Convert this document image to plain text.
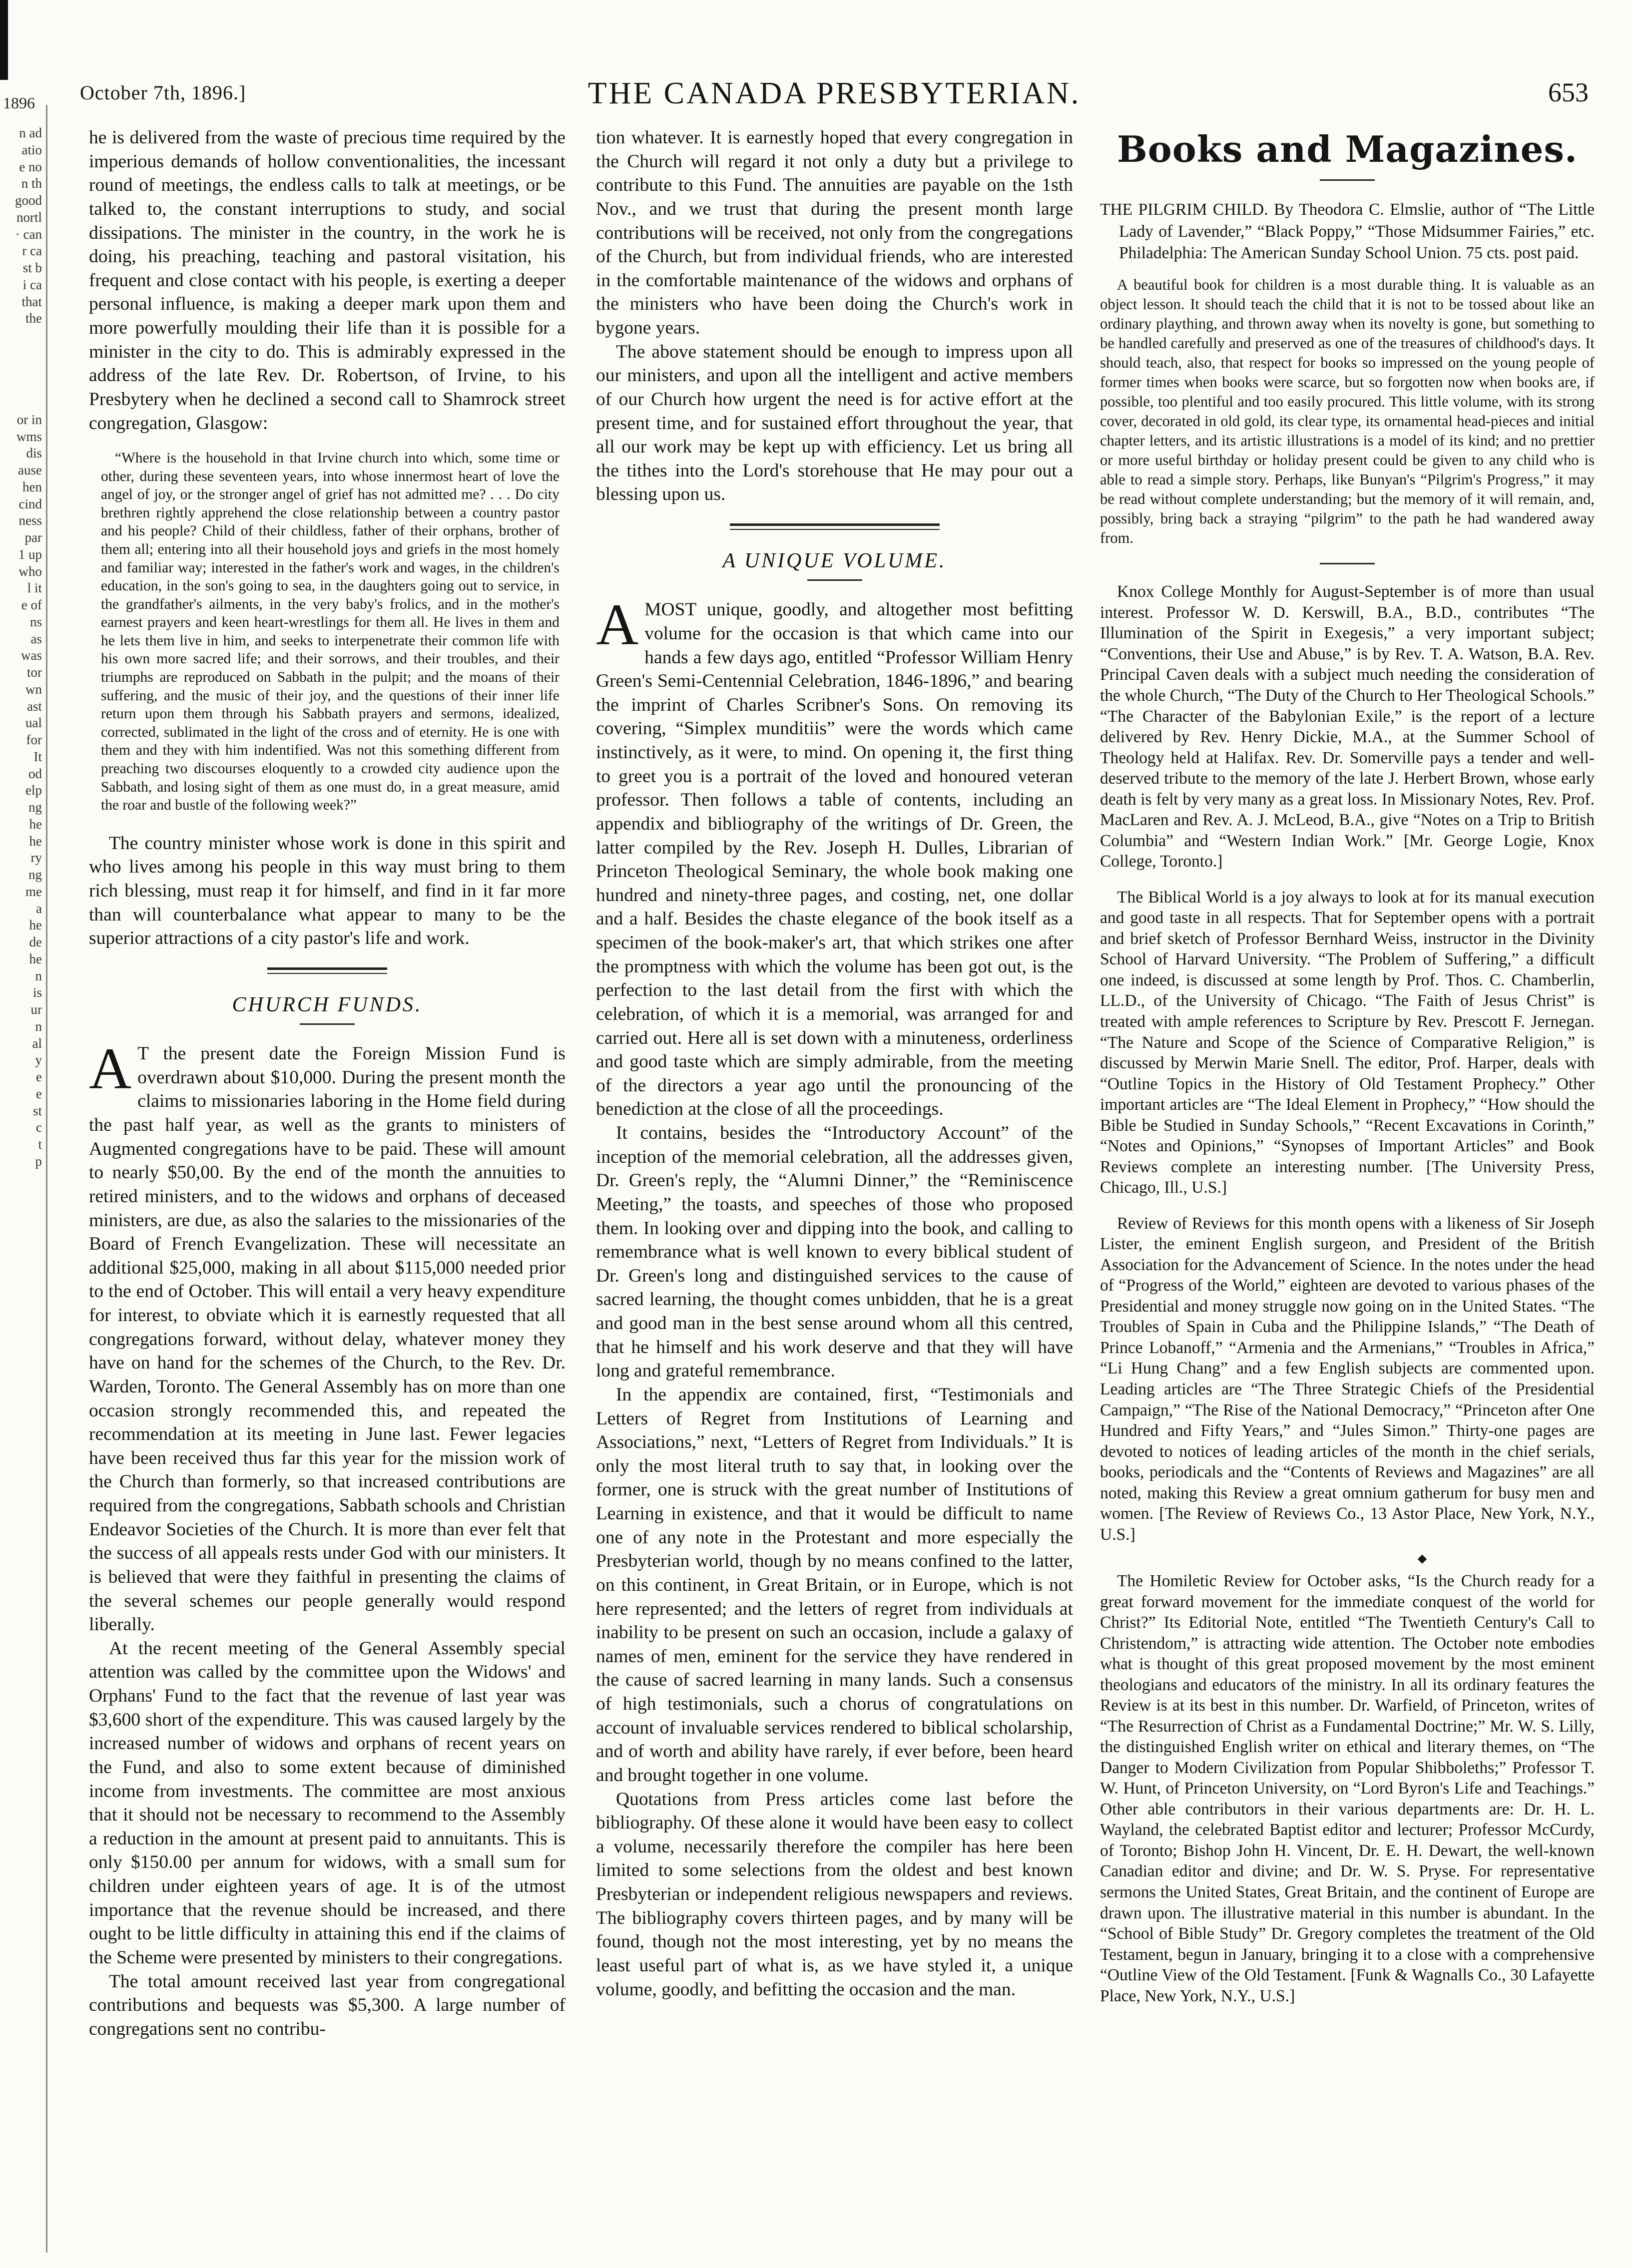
1896
n ad
atio
e no
n th
good
nortl
· can
r ca
st b
i ca
that
the

or in
wms
dis
ause
hen
cind
ness
par
1 up
who
l it
e of
ns
as
was
tor
wn
ast
ual
for
It
od
elp
ng
he
he
ry
ng
me
a
he
de
he
n
is
ur
n
al
y
e
e
st
c
t
p
THE CANADA PRESBYTERIAN.
October 7th, 1896.]	653

he is delivered from the waste of precious time required by the imperious demands of hollow conventionalities, the incessant round of meetings, the endless calls to talk at meetings, or be talked to, the constant interruptions to study, and social dissipations. The minister in the country, in the work he is doing, his preaching, teaching and pastoral visitation, his frequent and close contact with his people, is exerting a deeper personal influence, is making a deeper mark upon them and more powerfully moulding their life than it is possible for a minister in the city to do. This is admirably expressed in the address of the late Rev. Dr. Robertson, of Irvine, to his Presbytery when he declined a second call to Shamrock street congregation, Glasgow:

“Where is the household in that Irvine church into which, some time or other, during these seventeen years, into whose innermost heart of love the angel of joy, or the stronger angel of grief has not admitted me? . . . Do city brethren rightly apprehend the close relationship between a country pastor and his people? Child of their childless, father of their orphans, brother of them all; entering into all their household joys and griefs in the most homely and familiar way; interested in the father's work and wages, in the children's education, in the son's going to sea, in the daughters going out to service, in the grandfather's ailments, in the very baby's frolics, and in the mother's earnest prayers and keen heart-wrestlings for them all. He lives in them and he lets them live in him, and seeks to interpenetrate their common life with his own more sacred life; and their sorrows, and their troubles, and their triumphs are reproduced on Sabbath in the pulpit; and the moans of their suffering, and the music of their joy, and the questions of their inner life return upon them through his Sabbath prayers and sermons, idealized, corrected, sublimated in the light of the cross and of eternity. He is one with them and they with him indentified. Was not this something different from preaching two discourses eloquently to a crowded city audience upon the Sabbath, and losing sight of them as one must do, in a great measure, amid the roar and bustle of the following week?”

The country minister whose work is done in this spirit and who lives among his people in this way must bring to them rich blessing, must reap it for himself, and find in it far more than will counterbalance what appear to many to be the superior attractions of a city pastor's life and work.

CHURCH FUNDS.

A T the present date the Foreign Mission Fund is overdrawn about $10,000. During the present month the claims to missionaries laboring in the Home field during the past half year, as well as the grants to ministers of Augmented congregations have to be paid. These will amount to nearly $50,00. By the end of the month the annuities to retired ministers, and to the widows and orphans of deceased ministers, are due, as also the salaries to the missionaries of the Board of French Evangelization. These will necessitate an additional $25,000, making in all about $115,000 needed prior to the end of October. This will entail a very heavy expenditure for interest, to obviate which it is earnestly requested that all congregations forward, without delay, whatever money they have on hand for the schemes of the Church, to the Rev. Dr. Warden, Toronto. The General Assembly has on more than one occasion strongly recommended this, and repeated the recommendation at its meeting in June last. Fewer legacies have been received thus far this year for the mission work of the Church than formerly, so that increased contributions are required from the congregations, Sabbath schools and Christian Endeavor Societies of the Church. It is more than ever felt that the success of all appeals rests under God with our ministers. It is believed that were they faithful in presenting the claims of the several schemes our people generally would respond liberally.

At the recent meeting of the General Assembly special attention was called by the committee upon the Widows' and Orphans' Fund to the fact that the revenue of last year was $3,600 short of the expenditure. This was caused largely by the increased number of widows and orphans of recent years on the Fund, and also to some extent because of diminished income from investments. The committee are most anxious that it should not be necessary to recommend to the Assembly a reduction in the amount at present paid to annuitants. This is only $150.00 per annum for widows, with a small sum for children under eighteen years of age. It is of the utmost importance that the revenue should be increased, and there ought to be little difficulty in attaining this end if the claims of the Scheme were presented by ministers to their congregations.

The total amount received last year from congregational contributions and bequests was $5,300. A large number of congregations sent no contribu-

tion whatever. It is earnestly hoped that every congregation in the Church will regard it not only a duty but a privilege to contribute to this Fund. The annuities are payable on the 1sth Nov., and we trust that during the present month large contributions will be received, not only from the congregations of the Church, but from individual friends, who are interested in the comfortable maintenance of the widows and orphans of the ministers who have been doing the Church's work in bygone years.

The above statement should be enough to impress upon all our ministers, and upon all the intelligent and active members of our Church how urgent the need is for active effort at the present time, and for sustained effort throughout the year, that all our work may be kept up with efficiency. Let us bring all the tithes into the Lord's storehouse that He may pour out a blessing upon us.

A UNIQUE VOLUME.

AMOST unique, goodly, and altogether most befitting volume for the occasion is that which came into our hands a few days ago, entitled “Professor William Henry Green's Semi-Centennial Celebration, 1846-1896,” and bearing the imprint of Charles Scribner's Sons. On removing its covering, “Simplex munditiis” were the words which came instinctively, as it were, to mind. On opening it, the first thing to greet you is a portrait of the loved and honoured veteran professor. Then follows a table of contents, including an appendix and bibliography of the writings of Dr. Green, the latter compiled by the Rev. Joseph H. Dulles, Librarian of Princeton Theological Seminary, the whole book making one hundred and ninety-three pages, and costing, net, one dollar and a half. Besides the chaste elegance of the book itself as a specimen of the book-maker's art, that which strikes one after the promptness with which the volume has been got out, is the perfection to the last detail from the first with which the celebration, of which it is a memorial, was arranged for and carried out. Here all is set down with a minuteness, orderliness and good taste which are simply admirable, from the meeting of the directors a year ago until the pronouncing of the benediction at the close of all the proceedings.

It contains, besides the “Introductory Account” of the inception of the memorial celebration, all the addresses given, Dr. Green's reply, the “Alumni Dinner,” the “Reminiscence Meeting,” the toasts, and speeches of those who proposed them. In looking over and dipping into the book, and calling to remembrance what is well known to every biblical student of Dr. Green's long and distinguished services to the cause of sacred learning, the thought comes unbidden, that he is a great and good man in the best sense around whom all this centred, that he himself and his work deserve and that they will have long and grateful remembrance.

In the appendix are contained, first, “Testimonials and Letters of Regret from Institutions of Learning and Associations,” next, “Letters of Regret from Individuals.” It is only the most literal truth to say that, in looking over the former, one is struck with the great number of Institutions of Learning in existence, and that it would be difficult to name one of any note in the Protestant and more especially the Presbyterian world, though by no means confined to the latter, on this continent, in Great Britain, or in Europe, which is not here represented; and the letters of regret from individuals at inability to be present on such an occasion, include a galaxy of names of men, eminent for the service they have rendered in the cause of sacred learning in many lands. Such a consensus of high testimonials, such a chorus of congratulations on account of invaluable services rendered to biblical scholarship, and of worth and ability have rarely, if ever before, been heard and brought together in one volume.

Quotations from Press articles come last before the bibliography. Of these alone it would have been easy to collect a volume, necessarily therefore the compiler has here been limited to some selections from the oldest and best known Presbyterian or independent religious newspapers and reviews. The bibliography covers thirteen pages, and by many will be found, though not the most interesting, yet by no means the least useful part of what is, as we have styled it, a unique volume, goodly, and befitting the occasion and the man.

Books and Magazines.

THE PILGRIM CHILD. By Theodora C. Elmslie, author of “The Little Lady of Lavender,” “Black Poppy,” “Those Midsummer Fairies,” etc. Philadelphia: The American Sunday School Union. 75 cts. post paid.

A beautiful book for children is a most durable thing. It is valuable as an object lesson. It should teach the child that it is not to be tossed about like an ordinary plaything, and thrown away when its novelty is gone, but something to be handled carefully and preserved as one of the treasures of childhood's days. It should teach, also, that respect for books so impressed on the young people of former times when books were scarce, but so forgotten now when books are, if possible, too plentiful and too easily procured. This little volume, with its strong cover, decorated in old gold, its clear type, its ornamental head-pieces and initial chapter letters, and its artistic illustrations is a model of its kind; and no prettier or more useful birthday or holiday present could be given to any child who is able to read a simple story. Perhaps, like Bunyan's “Pilgrim's Progress,” it may be read without complete understanding; but the memory of it will remain, and, possibly, bring back a straying “pilgrim” to the path he had wandered away from.

Knox College Monthly for August-September is of more than usual interest. Professor W. D. Kerswill, B.A., B.D., contributes “The Illumination of the Spirit in Exegesis,” a very important subject; “Conventions, their Use and Abuse,” is by Rev. T. A. Watson, B.A. Rev. Principal Caven deals with a subject much needing the consideration of the whole Church, “The Duty of the Church to Her Theological Schools.” “The Character of the Babylonian Exile,” is the report of a lecture delivered by Rev. Henry Dickie, M.A., at the Summer School of Theology held at Halifax. Rev. Dr. Somerville pays a tender and well-deserved tribute to the memory of the late J. Herbert Brown, whose early death is felt by very many as a great loss. In Missionary Notes, Rev. Prof. MacLaren and Rev. A. J. McLeod, B.A., give “Notes on a Trip to British Columbia” and “Western Indian Work.” [Mr. George Logie, Knox College, Toronto.]

The Biblical World is a joy always to look at for its manual execution and good taste in all respects. That for September opens with a portrait and brief sketch of Professor Bernhard Weiss, instructor in the Divinity School of Harvard University. “The Problem of Suffering,” a difficult one indeed, is discussed at some length by Prof. Thos. C. Chamberlin, LL.D., of the University of Chicago. “The Faith of Jesus Christ” is treated with ample references to Scripture by Rev. Prescott F. Jernegan. “The Nature and Scope of the Science of Comparative Religion,” is discussed by Merwin Marie Snell. The editor, Prof. Harper, deals with “Outline Topics in the History of Old Testament Prophecy.” Other important articles are “The Ideal Element in Prophecy,” “How should the Bible be Studied in Sunday Schools,” “Recent Excavations in Corinth,” “Notes and Opinions,” “Synopses of Important Articles” and Book Reviews complete an interesting number. [The University Press, Chicago, Ill., U.S.]

Review of Reviews for this month opens with a likeness of Sir Joseph Lister, the eminent English surgeon, and President of the British Association for the Advancement of Science. In the notes under the head of “Progress of the World,” eighteen are devoted to various phases of the Presidential and money struggle now going on in the United States. “The Troubles of Spain in Cuba and the Philippine Islands,” “The Death of Prince Lobanoff,” “Armenia and the Armenians,” “Troubles in Africa,” “Li Hung Chang” and a few English subjects are commented upon. Leading articles are “The Three Strategic Chiefs of the Presidential Campaign,” “The Rise of the National Democracy,” “Princeton after One Hundred and Fifty Years,” and “Jules Simon.” Thirty-one pages are devoted to notices of leading articles of the month in the chief serials, books, periodicals and the “Contents of Reviews and Magazines” are all noted, making this Review a great omnium gatherum for busy men and women. [The Review of Reviews Co., 13 Astor Place, New York, N.Y., U.S.]

◆

The Homiletic Review for October asks, “Is the Church ready for a great forward movement for the immediate conquest of the world for Christ?” Its Editorial Note, entitled “The Twentieth Century's Call to Christendom,” is attracting wide attention. The October note embodies what is thought of this great proposed movement by the most eminent theologians and educators of the ministry. In all its ordinary features the Review is at its best in this number. Dr. Warfield, of Princeton, writes of “The Resurrection of Christ as a Fundamental Doctrine;” Mr. W. S. Lilly, the distinguished English writer on ethical and literary themes, on “The Danger to Modern Civilization from Popular Shibboleths;” Professor T. W. Hunt, of Princeton University, on “Lord Byron's Life and Teachings.” Other able contributors in their various departments are: Dr. H. L. Wayland, the celebrated Baptist editor and lecturer; Professor McCurdy, of Toronto; Bishop John H. Vincent, Dr. E. H. Dewart, the well-known Canadian editor and divine; and Dr. W. S. Pryse. For representative sermons the United States, Great Britain, and the continent of Europe are drawn upon. The illustrative material in this number is abundant. In the “School of Bible Study” Dr. Gregory completes the treatment of the Old Testament, begun in January, bringing it to a close with a comprehensive “Outline View of the Old Testament. [Funk & Wagnalls Co., 30 Lafayette Place, New York, N.Y., U.S.]
